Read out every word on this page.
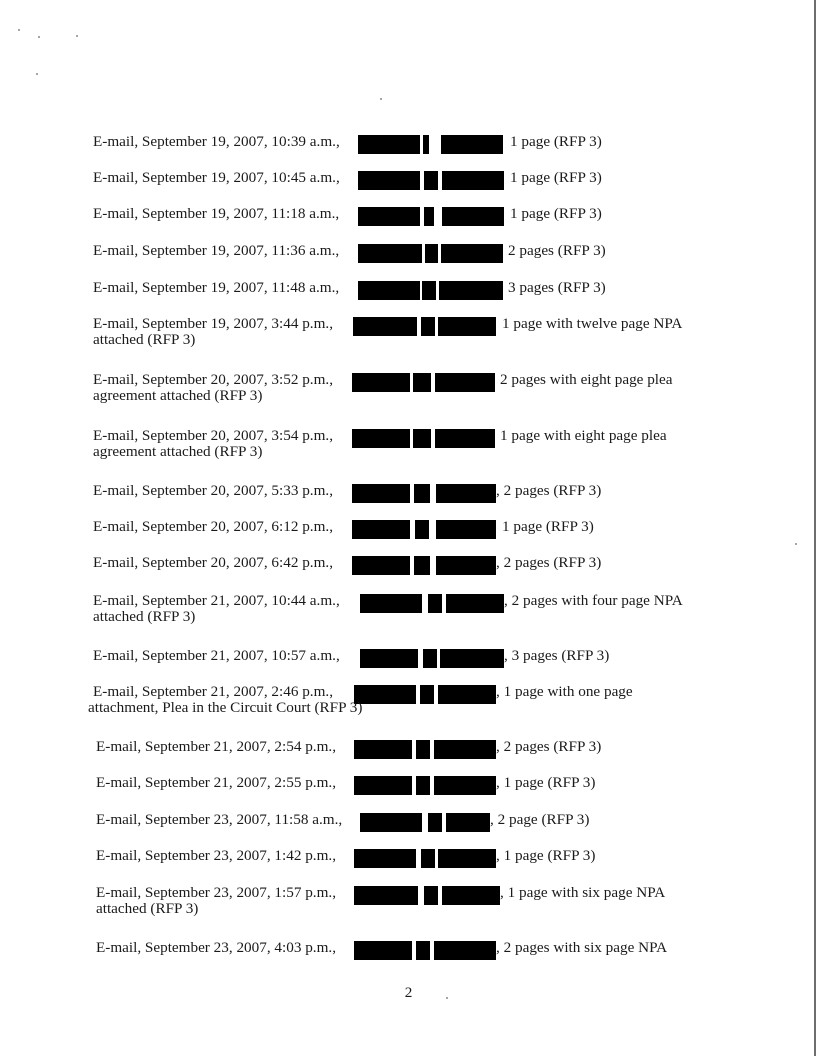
E-mail, September 19, 2007, 10:39 a.m.,	1 page (RFP 3)
E-mail, September 19, 2007, 10:45 a.m.,	1 page (RFP 3)
E-mail, September 19, 2007, 11:18 a.m.,	1 page (RFP 3)
E-mail, September 19, 2007, 11:36 a.m.,	2 pages (RFP 3)
E-mail, September 19, 2007, 11:48 a.m.,	3 pages (RFP 3)
E-mail, September 19, 2007, 3:44 p.m.,	1 page with twelve page NPA
attached (RFP 3)
E-mail, September 20, 2007, 3:52 p.m.,	2 pages with eight page plea
agreement attached (RFP 3)
E-mail, September 20, 2007, 3:54 p.m.,	1 page with eight page plea
agreement attached (RFP 3)
E-mail, September 20, 2007, 5:33 p.m.,	, 2 pages (RFP 3)
E-mail, September 20, 2007, 6:12 p.m.,	1 page (RFP 3)
E-mail, September 20, 2007, 6:42 p.m.,	, 2 pages (RFP 3)
E-mail, September 21, 2007, 10:44 a.m.,	, 2 pages with four page NPA
attached (RFP 3)
E-mail, September 21, 2007, 10:57 a.m.,	, 3 pages (RFP 3)
E-mail, September 21, 2007, 2:46 p.m.,	, 1 page with one page
attachment, Plea in the Circuit Court (RFP 3)
E-mail, September 21, 2007, 2:54 p.m.,	, 2 pages (RFP 3)
E-mail, September 21, 2007, 2:55 p.m.,	, 1 page (RFP 3)
E-mail, September 23, 2007, 11:58 a.m.,	, 2 page (RFP 3)
E-mail, September 23, 2007, 1:42 p.m.,	, 1 page (RFP 3)
E-mail, September 23, 2007, 1:57 p.m.,	, 1 page with six page NPA
attached (RFP 3)
E-mail, September 23, 2007, 4:03 p.m.,	, 2 pages with six page NPA
2
